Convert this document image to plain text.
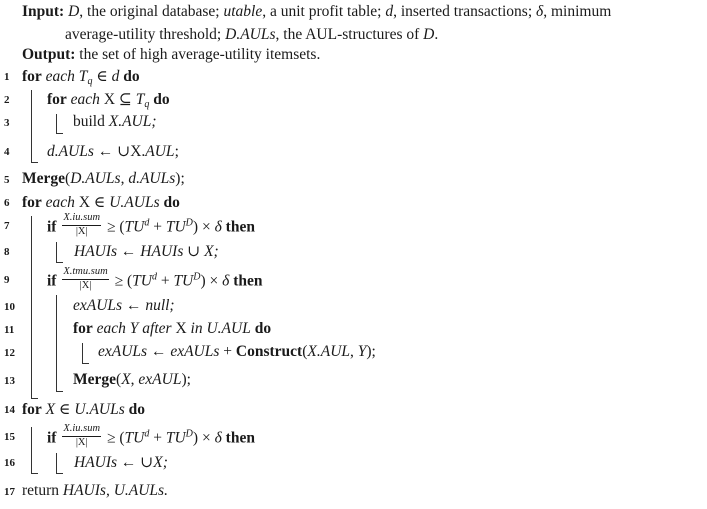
Input: D, the original database; utable, a unit profit table; d, inserted transactions; δ, minimum
average-utility threshold; D.AULs, the AUL-structures of D.
Output: the set of high average-utility itemsets.
1
2
3
4
5
6
7
8
9
10
11
12
13
14
15
16
17
for each $T_q$ ∈ d do
for each X ⊆ $T_q$ do
build X.AUL;
d.AULs ← ∪X.AUL;
Merge(D.AULs, d.AULs);
for each X ∈ U.AULs do
if $\frac{\text{X.iu.sum}}{|X|} \ge (TU^d + TU^D) \times \delta$ then
HAUIs ← HAUIs ∪ X;
if $\frac{\text{X.tmu.sum}}{|X|} \ge (TU^d + TU^D) \times \delta$ then
exAULs ← null;
for each Y after X in U.AUL do
exAULs ← exAULs + Construct(X.AUL, Y);
Merge(X, exAUL);
for X ∈ U.AULs do
if $\frac{\text{X.iu.sum}}{|X|} \ge (TU^d + TU^D) \times \delta$ then
HAUIs ← ∪X;
return HAUIs, U.AULs.
